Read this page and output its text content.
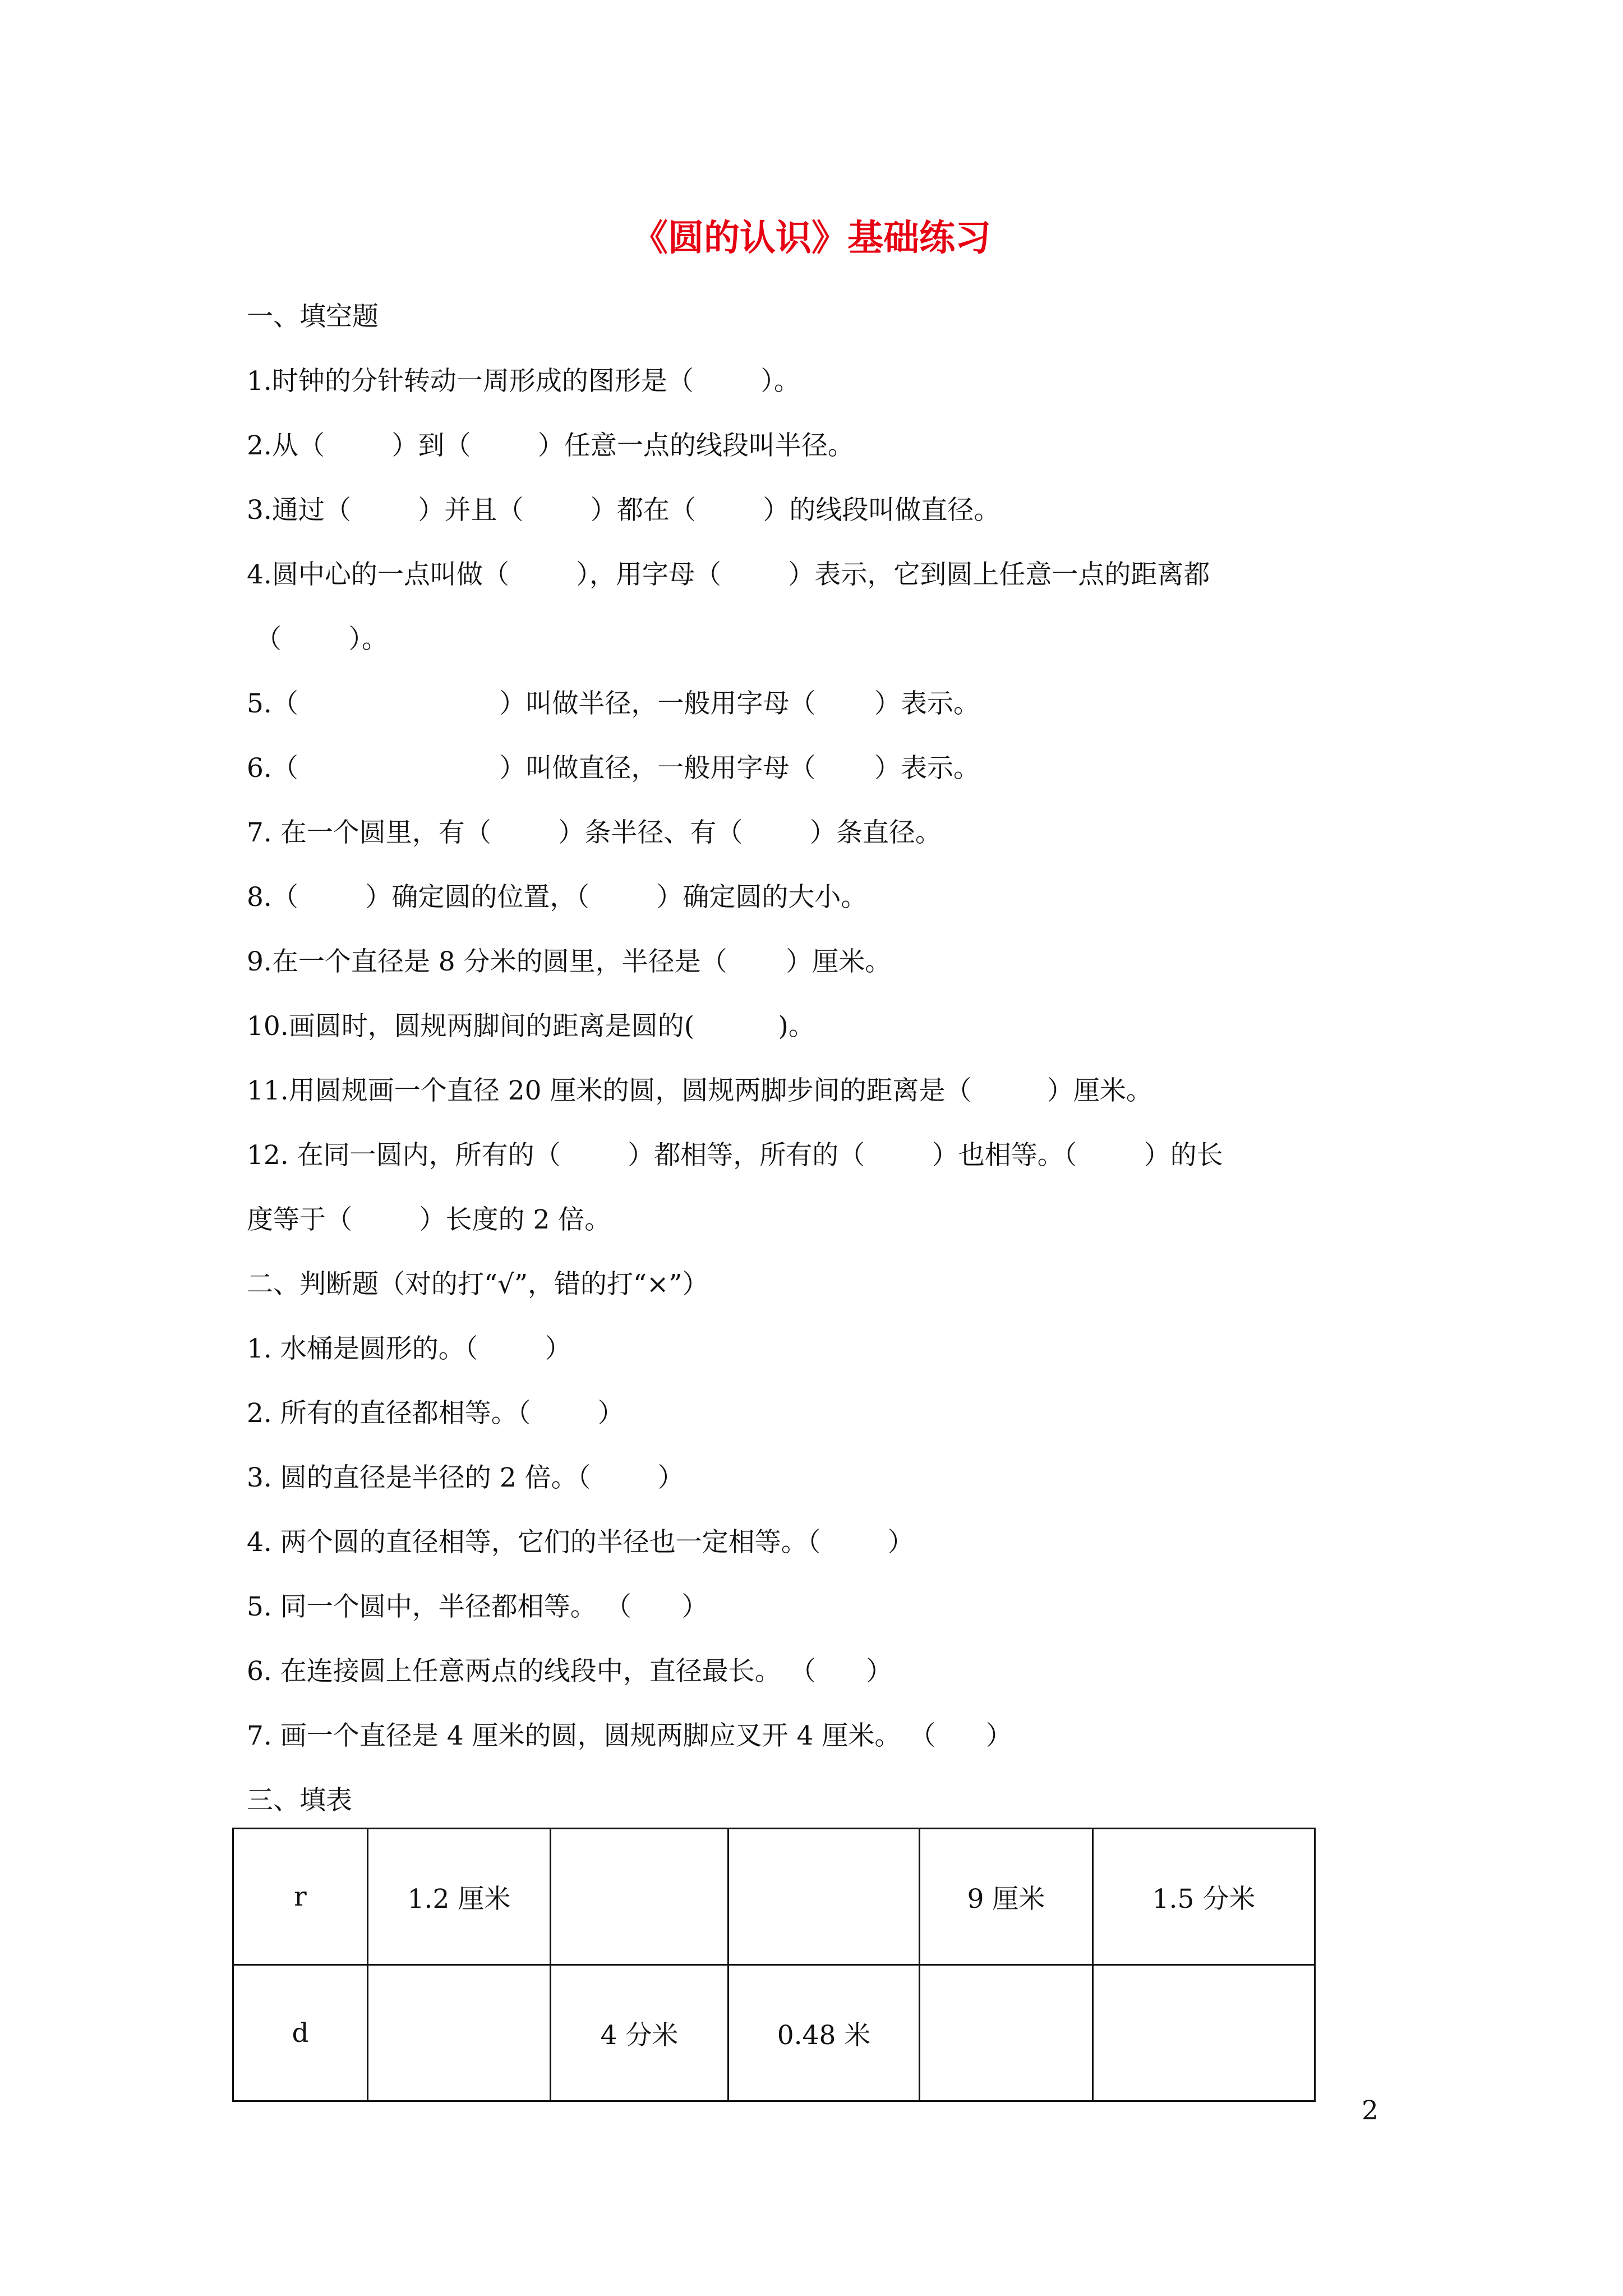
《圆的认识》基础练习
一、填空题
1.时钟的分针转动一周形成的图形是（        ）。
2.从（        ）到（        ）任意一点的线段叫半径。
3.通过（        ）并且（        ）都在（        ）的线段叫做直径。
4.圆中心的一点叫做（        ），用字母（        ）表示，它到圆上任意一点的距离都
（        ）。
5.（                        ）叫做半径，一般用字母（       ）表示。
6.（                        ）叫做直径，一般用字母（       ）表示。
7. 在一个圆里，有（        ）条半径、有（        ）条直径。
8.（        ）确定圆的位置，（        ）确定圆的大小。
9.在一个直径是 8 分米的圆里，半径是（       ）厘米。
10.画圆时，圆规两脚间的距离是圆的(          )。
11.用圆规画一个直径 20 厘米的圆，圆规两脚步间的距离是（         ）厘米。
12. 在同一圆内，所有的（        ）都相等，所有的（        ）也相等。（        ）的长
度等于（        ）长度的 2 倍。
二、判断题（对的打“√”，错的打“×”）
1. 水桶是圆形的。（        ）
2. 所有的直径都相等。（        ）
3. 圆的直径是半径的 2 倍。（        ）
4. 两个圆的直径相等，它们的半径也一定相等。（        ）
5. 同一个圆中，半径都相等。 （      ）
6. 在连接圆上任意两点的线段中，直径最长。 （      ）
7. 画一个直径是 4 厘米的圆，圆规两脚应叉开 4 厘米。 （      ）
三、填表
r	1.2 厘米			9 厘米	1.5 分米
d		4 分米	0.48 米		
2
